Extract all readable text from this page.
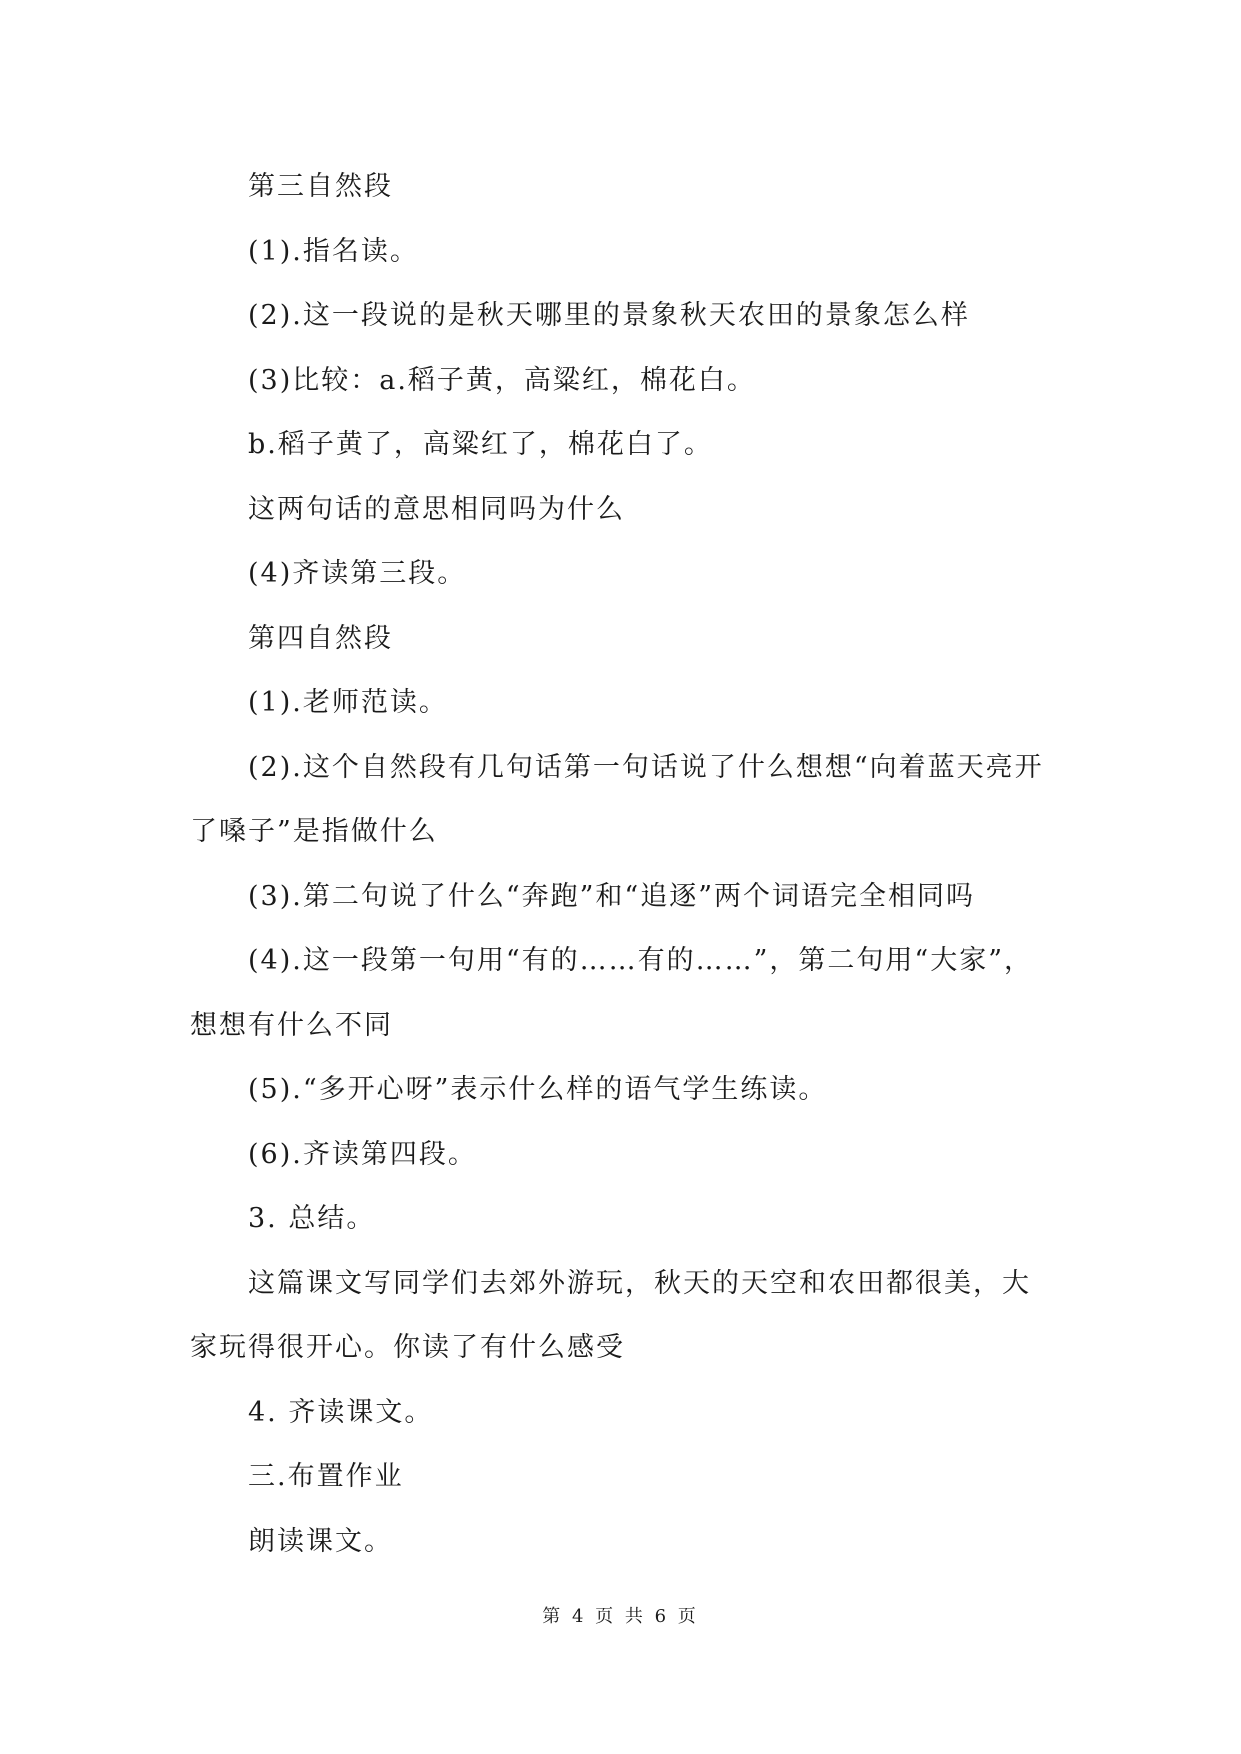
第三自然段

(1).指名读。

(2).这一段说的是秋天哪里的景象秋天农田的景象怎么样

(3)比较：a.稻子黄，高粱红，棉花白。

b.稻子黄了，高粱红了，棉花白了。

这两句话的意思相同吗为什么

(4)齐读第三段。

第四自然段

(1).老师范读。

(2).这个自然段有几句话第一句话说了什么想想“向着蓝天亮开了嗓子”是指做什么

(3).第二句说了什么“奔跑”和“追逐”两个词语完全相同吗

(4).这一段第一句用“有的……有的……”，第二句用“大家”，想想有什么不同

(5).“多开心呀”表示什么样的语气学生练读。

(6).齐读第四段。

3. 总结。

这篇课文写同学们去郊外游玩，秋天的天空和农田都很美，大家玩得很开心。你读了有什么感受

4. 齐读课文。

三.布置作业

朗读课文。

第 4 页 共 6 页
